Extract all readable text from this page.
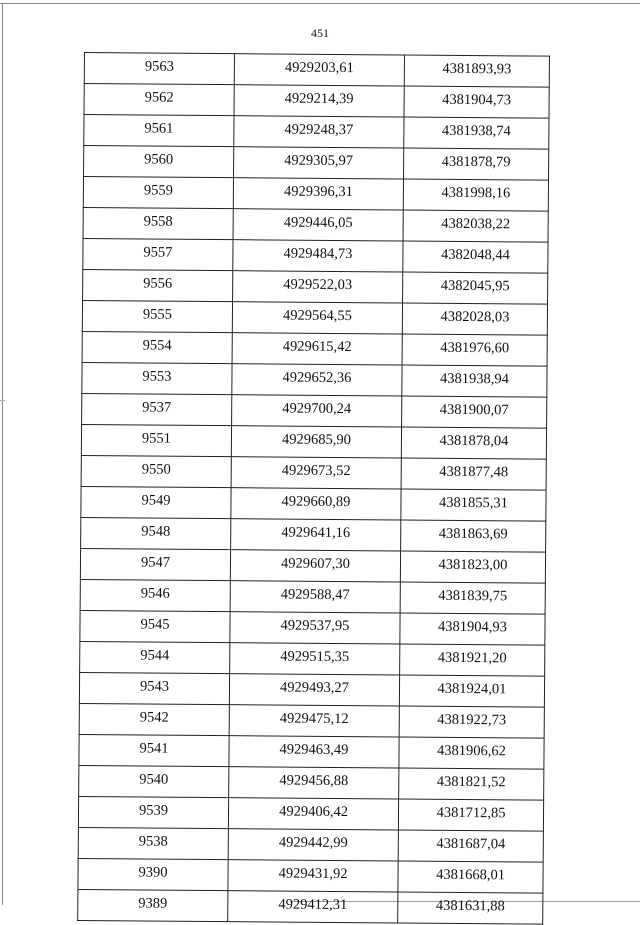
451
9563	4929203,61	4381893,93
9562	4929214,39	4381904,73
9561	4929248,37	4381938,74
9560	4929305,97	4381878,79
9559	4929396,31	4381998,16
9558	4929446,05	4382038,22
9557	4929484,73	4382048,44
9556	4929522,03	4382045,95
9555	4929564,55	4382028,03
9554	4929615,42	4381976,60
9553	4929652,36	4381938,94
9537	4929700,24	4381900,07
9551	4929685,90	4381878,04
9550	4929673,52	4381877,48
9549	4929660,89	4381855,31
9548	4929641,16	4381863,69
9547	4929607,30	4381823,00
9546	4929588,47	4381839,75
9545	4929537,95	4381904,93
9544	4929515,35	4381921,20
9543	4929493,27	4381924,01
9542	4929475,12	4381922,73
9541	4929463,49	4381906,62
9540	4929456,88	4381821,52
9539	4929406,42	4381712,85
9538	4929442,99	4381687,04
9390	4929431,92	4381668,01
9389	4929412,31	4381631,88
